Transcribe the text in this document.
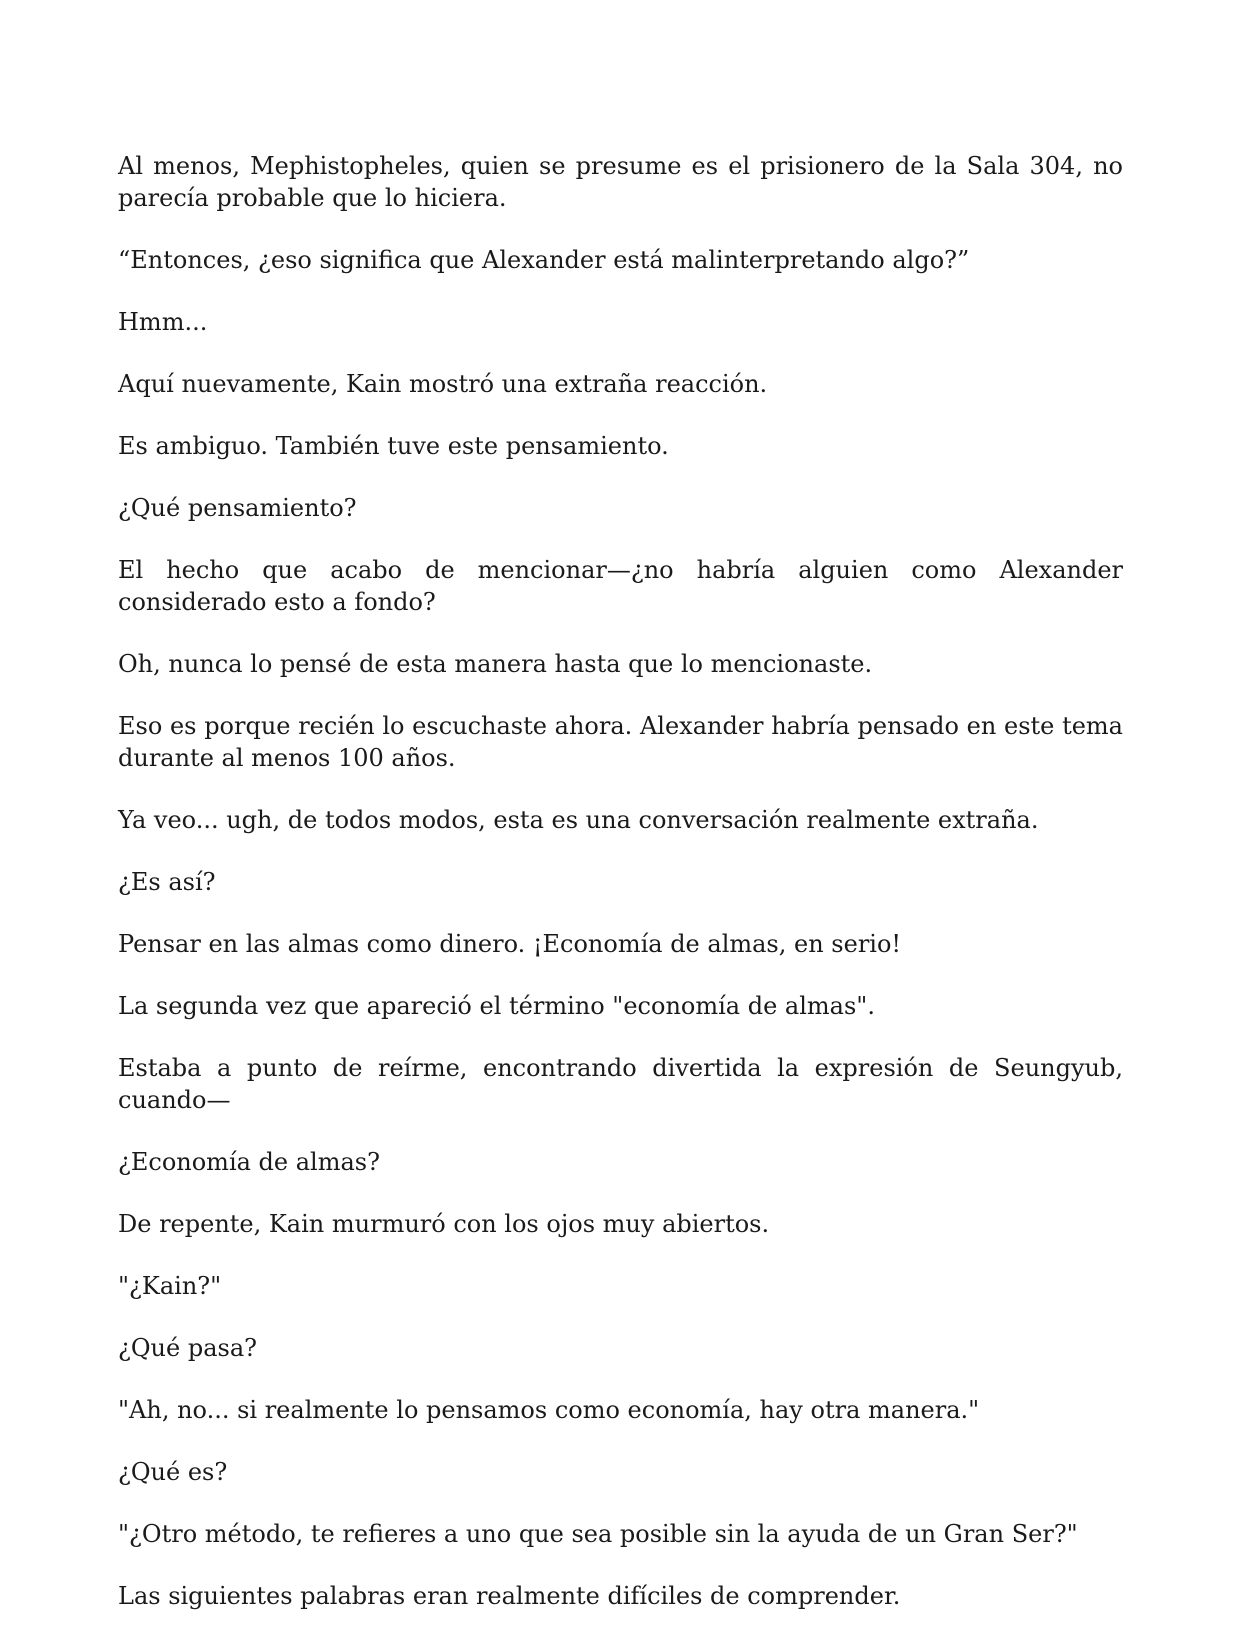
Al menos, Mephistopheles, quien se presume es el prisionero de la Sala 304, no parecía probable que lo hiciera.

“Entonces, ¿eso significa que Alexander está malinterpretando algo?”

Hmm...

Aquí nuevamente, Kain mostró una extraña reacción.

Es ambiguo. También tuve este pensamiento.

¿Qué pensamiento?

El hecho que acabo de mencionar—¿no habría alguien como Alexander considerado esto a fondo?

Oh, nunca lo pensé de esta manera hasta que lo mencionaste.

Eso es porque recién lo escuchaste ahora. Alexander habría pensado en este tema durante al menos 100 años.

Ya veo... ugh, de todos modos, esta es una conversación realmente extraña.

¿Es así?

Pensar en las almas como dinero. ¡Economía de almas, en serio!

La segunda vez que apareció el término "economía de almas".

Estaba a punto de reírme, encontrando divertida la expresión de Seungyub, cuando—

¿Economía de almas?

De repente, Kain murmuró con los ojos muy abiertos.

"¿Kain?"

¿Qué pasa?

"Ah, no... si realmente lo pensamos como economía, hay otra manera."

¿Qué es?

"¿Otro método, te refieres a uno que sea posible sin la ayuda de un Gran Ser?"

Las siguientes palabras eran realmente difíciles de comprender.
